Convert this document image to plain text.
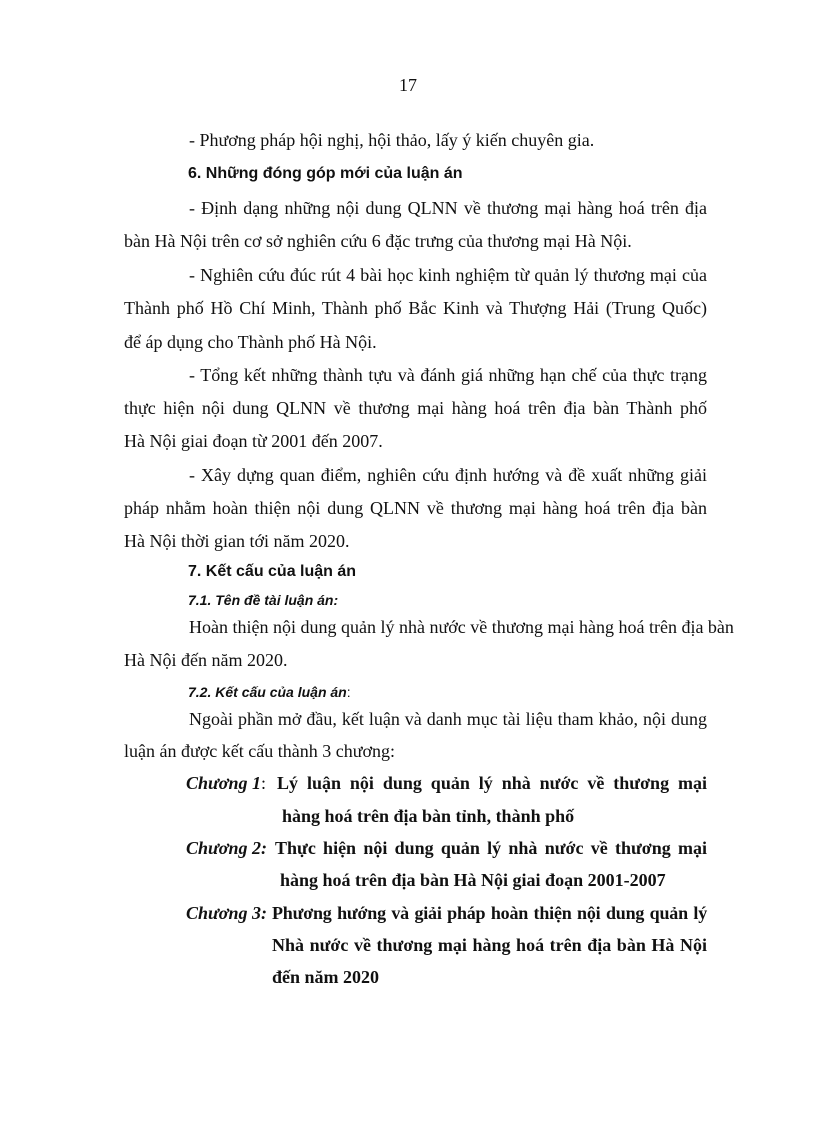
17
- Phương pháp hội nghị, hội thảo, lấy ý kiến chuyên gia.
6. Những đóng góp mới của luận án
- Định dạng những nội dung QLNN về thương mại hàng hoá trên địa
bàn Hà Nội trên cơ sở nghiên cứu 6 đặc trưng của thương mại Hà Nội.
- Nghiên cứu đúc rút 4 bài học kinh nghiệm từ quản lý thương mại của
Thành phố Hồ Chí Minh, Thành phố Bắc Kinh và Thượng Hải (Trung Quốc)
để áp dụng cho Thành phố Hà Nội.
- Tổng kết những thành tựu và đánh giá những hạn chế của thực trạng
thực hiện nội dung QLNN về thương mại hàng hoá trên địa bàn Thành phố
Hà Nội giai đoạn từ 2001 đến 2007.
- Xây dựng quan điểm, nghiên cứu định hướng và đề xuất những giải
pháp nhằm hoàn thiện nội dung QLNN về thương mại hàng hoá trên địa bàn
Hà Nội thời gian tới năm 2020.
7. Kết cấu của luận án
7.1. Tên đề tài luận án:
Hoàn thiện nội dung quản lý nhà nước về thương mại hàng hoá trên địa bàn
Hà Nội đến năm 2020.
7.2. Kết cấu của luận án:
Ngoài phần mở đầu, kết luận và danh mục tài liệu tham khảo, nội dung
luận án được kết cấu thành 3 chương:
Chương 1: Lý luận nội dung quản lý nhà nước về thương mại
hàng hoá trên địa bàn tỉnh, thành phố
Chương 2: Thực hiện nội dung quản lý nhà nước về thương mại
hàng hoá trên địa bàn Hà Nội giai đoạn 2001-2007
Chương 3: Phương hướng và giải pháp hoàn thiện nội dung quản lý
Nhà nước về thương mại hàng hoá trên địa bàn Hà Nội
đến năm 2020
